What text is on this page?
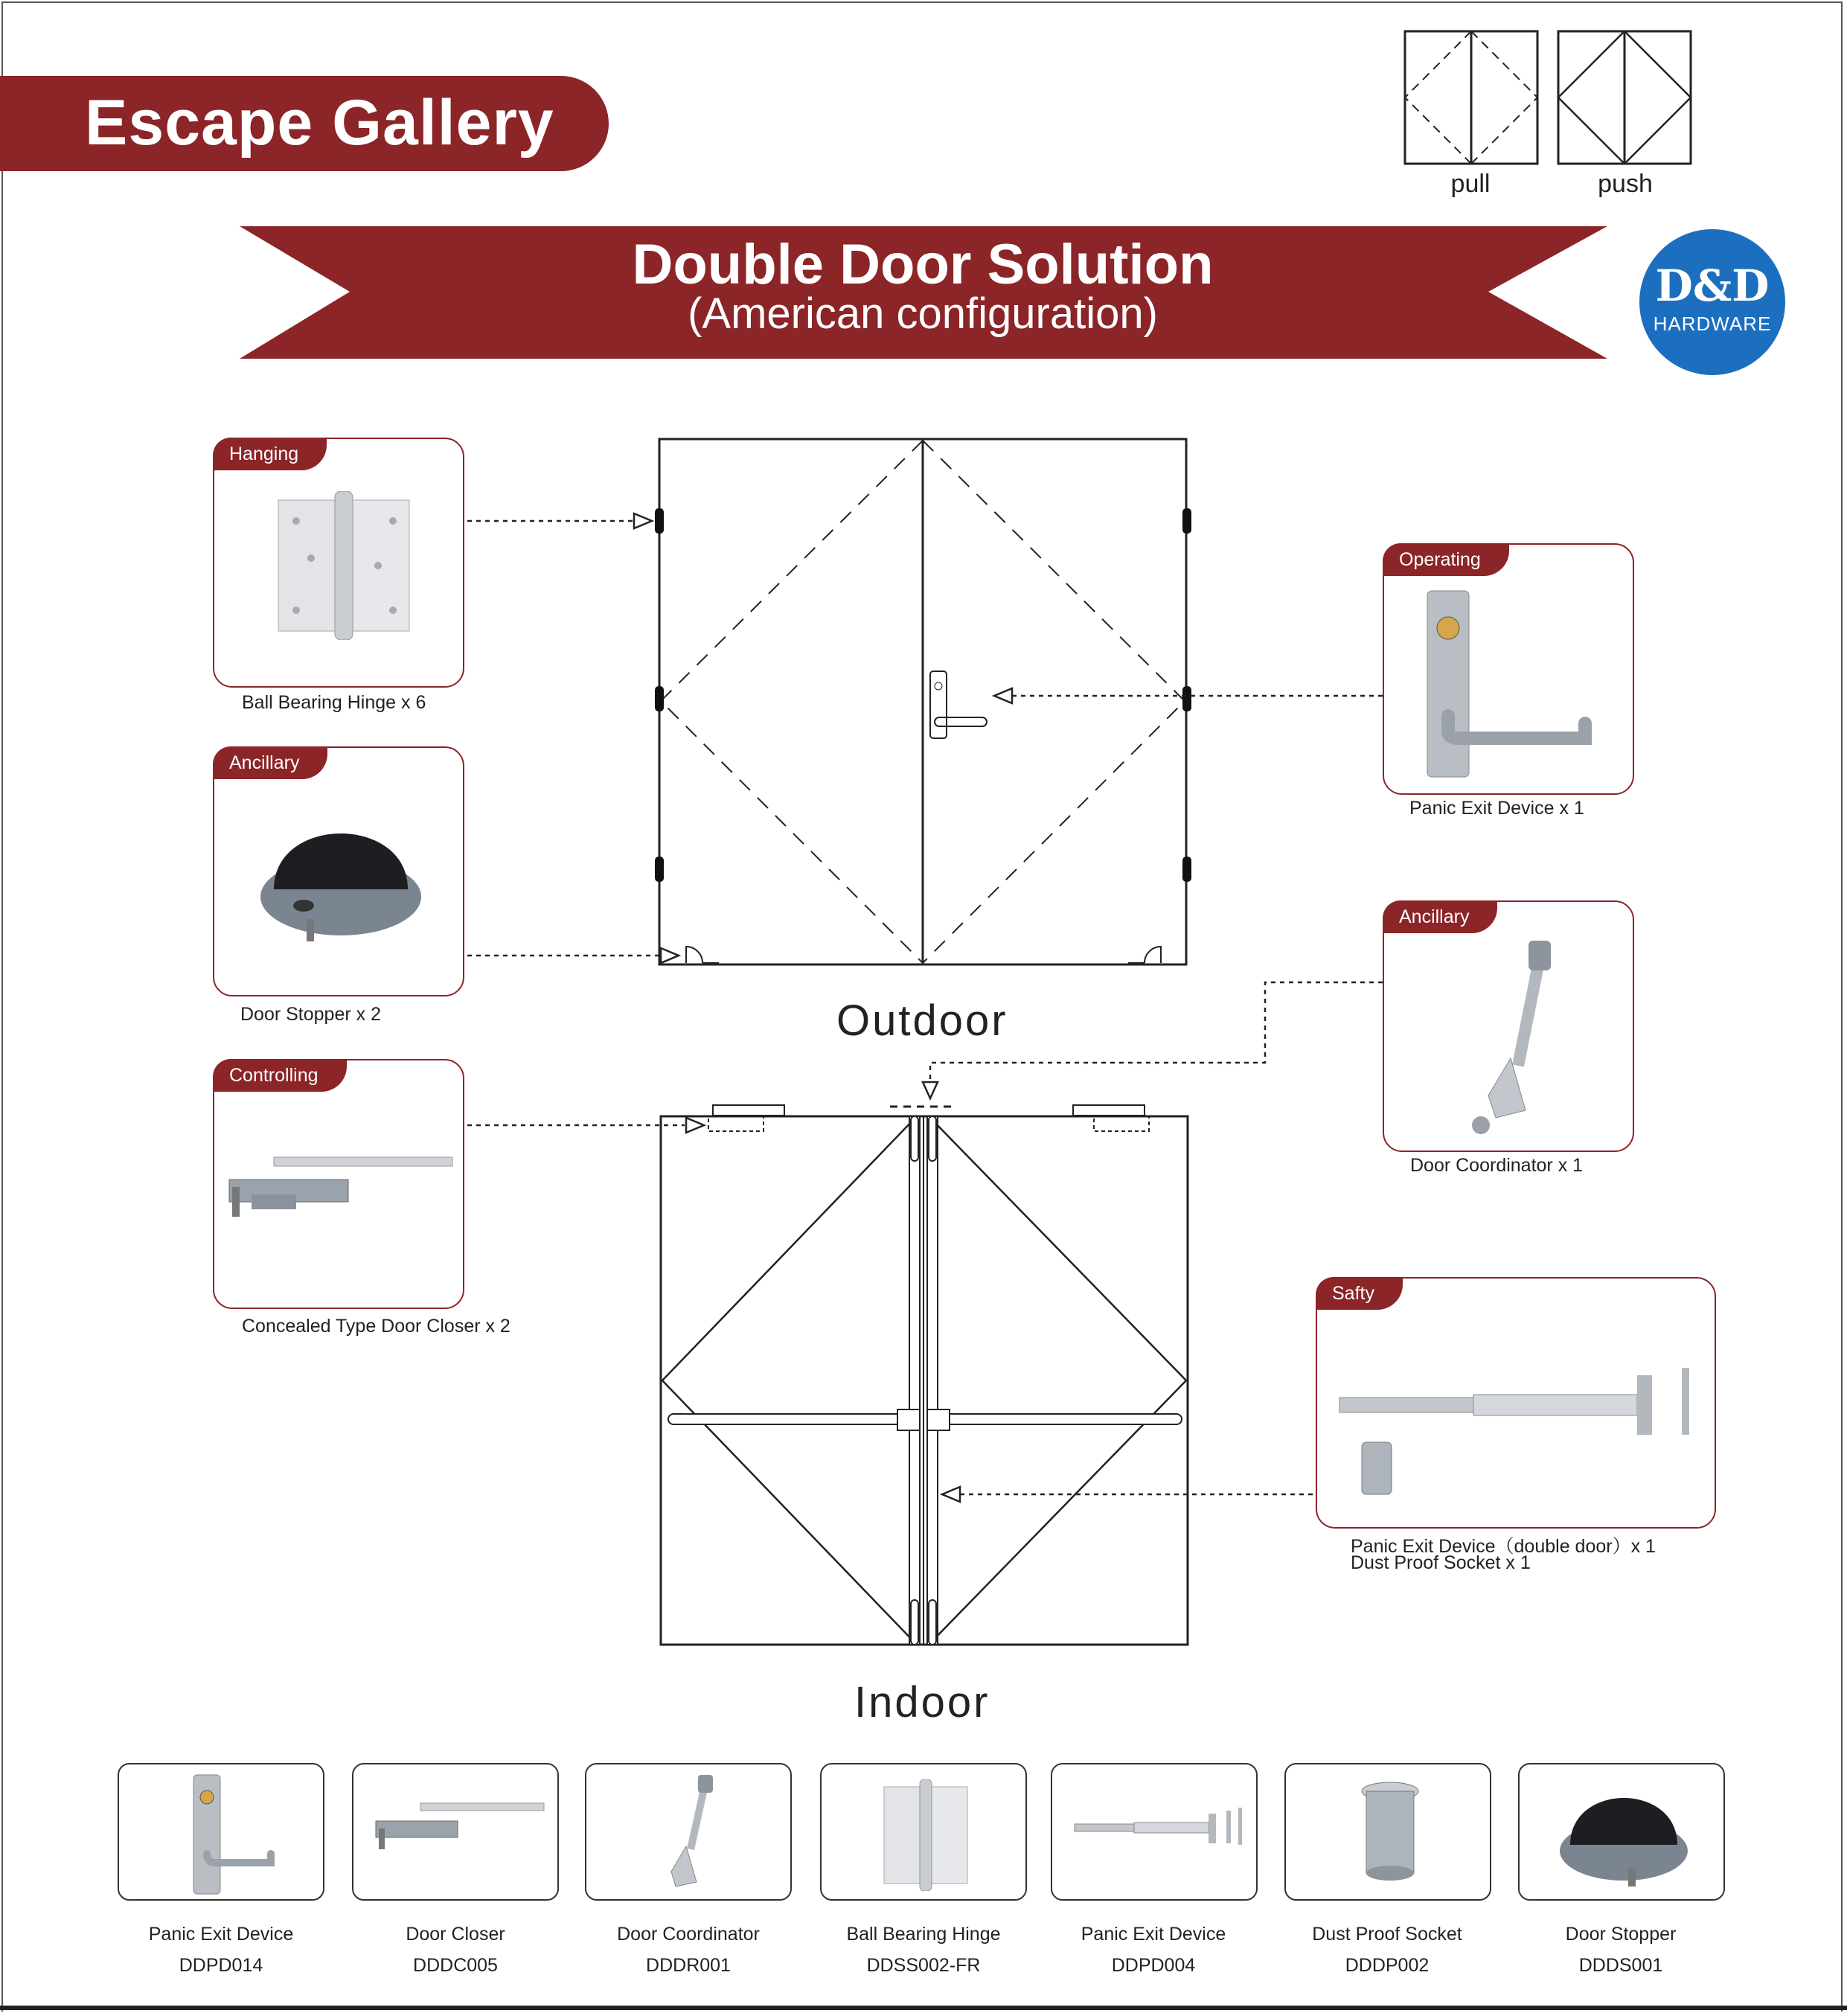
Escape Gallery
Double Door Solution
(American configuration)
pull	push
D&D
HARDWARE
Hanging
Ball Bearing Hinge x 6
Ancillary
Door Stopper x 2
Controlling
Concealed Type Door Closer x 2
Operating
Panic Exit Device x 1
Ancillary
Door Coordinator x 1
Safty
Panic Exit Device（double door）x 1
Dust Proof Socket x 1
Outdoor
Indoor
Panic Exit Device
DDPD014
Door Closer
DDDC005
Door Coordinator
DDDR001
Ball Bearing Hinge
DDSS002-FR
Panic Exit Device
DDPD004
Dust Proof Socket
DDDP002
Door Stopper
DDDS001
